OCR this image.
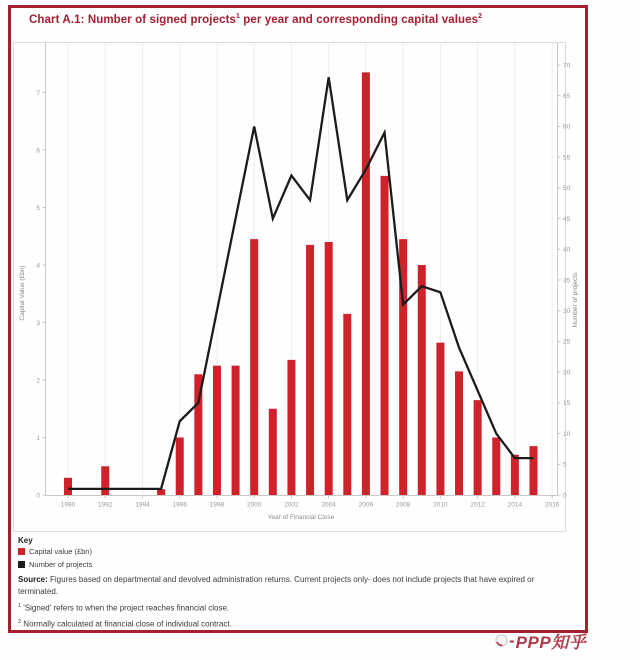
Chart A.1: Number of signed projects$^1$ per year and corresponding capital values$^2$
0
1
2
3
4
5
6
7
0
5
10
15
20
25
30
35
40
45
50
55
60
65
70
1990	1992	1994	1996	1998	2000	2002	2004	2006	2008	2010	2012	2014	2016
Capital Value (£bn)	Number of projects
Year of Financial Close
Key
Capital value (£bn)
Number of projects
Source: Figures based on departmental and devolved administration returns. Current projects only- does not include projects that have expired or terminated.
$^1$ 'Signed' refers to when the project reaches financial close.
$^2$ Normally calculated at financial close of individual contract.
- PPP知乎
